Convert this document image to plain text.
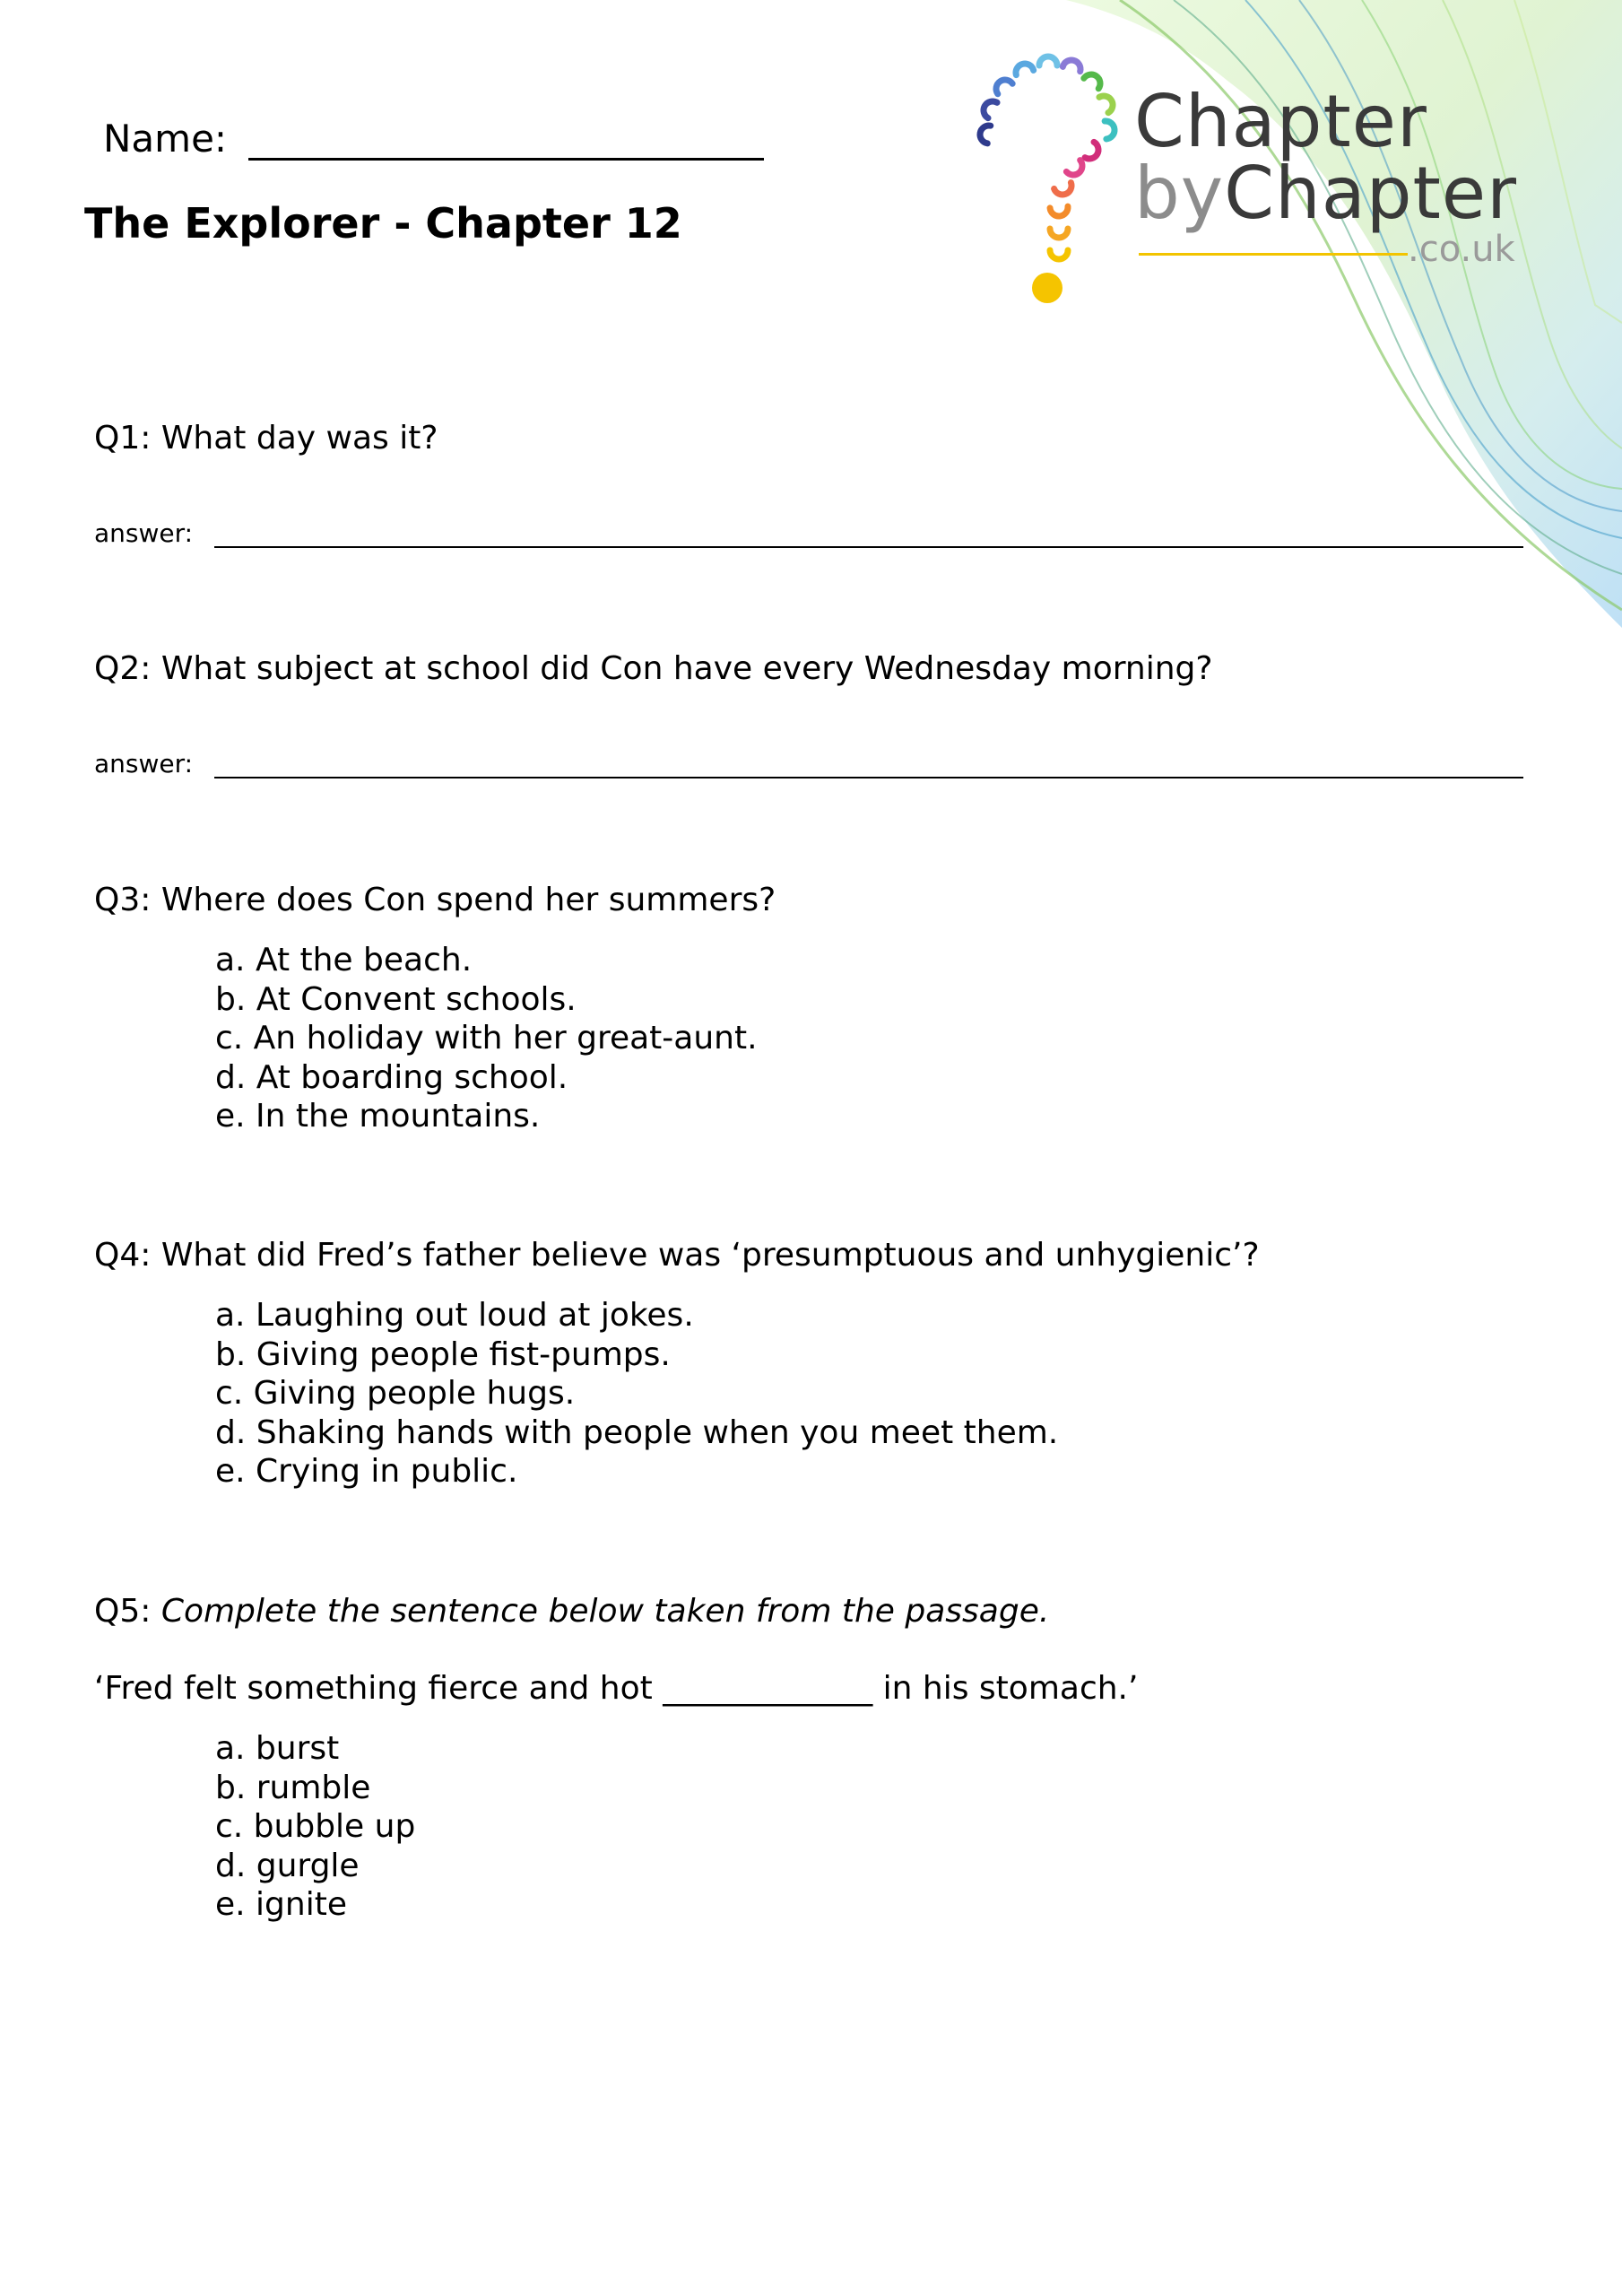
Name:
The Explorer - Chapter 12
Chapter
byChapter
.co.uk
Q1: What day was it?
answer:
Q2: What subject at school did Con have every Wednesday morning?
answer:
Q3: Where does Con spend her summers?
a. At the beach.
b. At Convent schools.
c. An holiday with her great-aunt.
d. At boarding school.
e. In the mountains.
Q4: What did Fred’s father believe was ‘presumptuous and unhygienic’?
a. Laughing out loud at jokes.
b. Giving people fist-pumps.
c. Giving people hugs.
d. Shaking hands with people when you meet them.
e. Crying in public.
Q5: Complete the sentence below taken from the passage.
‘Fred felt something fierce and hot _____________ in his stomach.’
a. burst
b. rumble
c. bubble up
d. gurgle
e. ignite
